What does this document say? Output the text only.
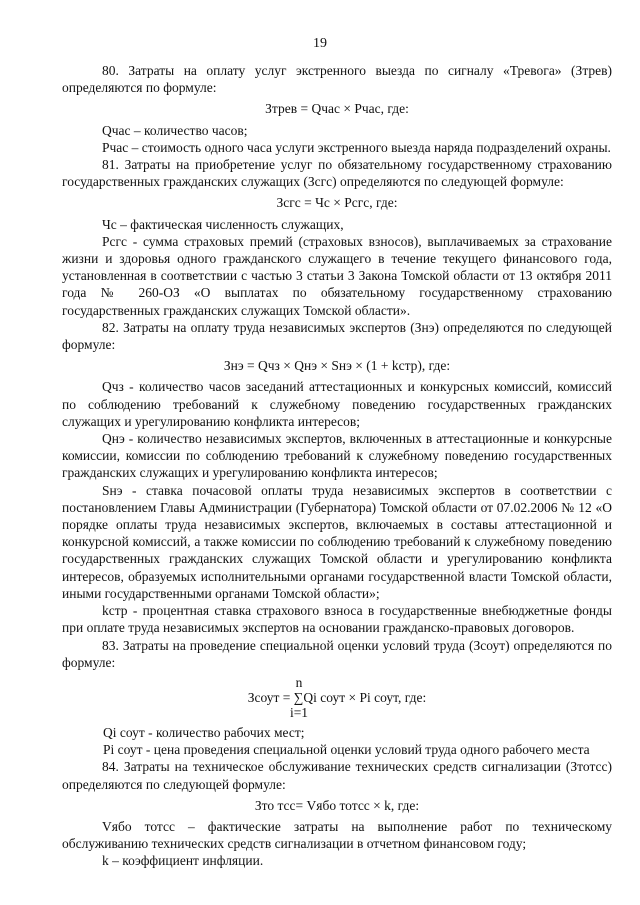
19

80. Затраты на оплату услуг экстренного выезда по сигналу «Тревога» (Зтрев) определяются по формуле:

Зтрев = Qчас × Рчас, где:

Qчас – количество часов;

Рчас – стоимость одного часа услуги экстренного выезда наряда подразделений охраны.

81. Затраты на приобретение услуг по обязательному государственному страхованию государственных гражданских служащих (Зсгс) определяются по следующей формуле:

Зсгс = Чс × Рсгс, где:

Чс – фактическая численность служащих,

Рсгс - сумма страховых премий (страховых взносов), выплачиваемых за страхование жизни и здоровья одного гражданского служащего в течение текущего финансового года, установленная в соответствии с частью 3 статьи 3 Закона Томской области от 13 октября 2011 года № 260-ОЗ «О выплатах по обязательному государственному страхованию государственных гражданских служащих Томской области».

82. Затраты на оплату труда независимых экспертов (Знэ) определяются по следующей формуле:

Знэ = Qчз × Qнэ × Sнэ × (1 + kстр), где:

Qчз - количество часов заседаний аттестационных и конкурсных комиссий, комиссий по соблюдению требований к служебному поведению государственных гражданских служащих и урегулированию конфликта интересов;

Qнэ - количество независимых экспертов, включенных в аттестационные и конкурсные комиссии, комиссии по соблюдению требований к служебному поведению государственных гражданских служащих и урегулированию конфликта интересов;

Sнэ - ставка почасовой оплаты труда независимых экспертов в соответствии с постановлением Главы Администрации (Губернатора) Томской области от 07.02.2006 № 12 «О порядке оплаты труда независимых экспертов, включаемых в составы аттестационной и конкурсной комиссий, а также комиссии по соблюдению требований к служебному поведению государственных гражданских служащих Томской области и урегулированию конфликта интересов, образуемых исполнительными органами государственной власти Томской области, иными государственными органами Томской области»;

kстр - процентная ставка страхового взноса в государственные внебюджетные фонды при оплате труда независимых экспертов на основании гражданско-правовых договоров.

83. Затраты на проведение специальной оценки условий труда (Зсоут) определяются по формуле:

n
Зсоут = ∑Qi соут × Рi соут, где:
i=1

Qi соут - количество рабочих мест;

Рi соут - цена проведения специальной оценки условий труда одного рабочего места

84. Затраты на техническое обслуживание технических средств сигнализации (Зтотсс) определяются по следующей формуле:

Зто тсс= Vябо тотсс × k, где:

Vябо тотсс – фактические затраты на выполнение работ по техническому обслуживанию технических средств сигнализации в отчетном финансовом году;

k – коэффициент инфляции.
